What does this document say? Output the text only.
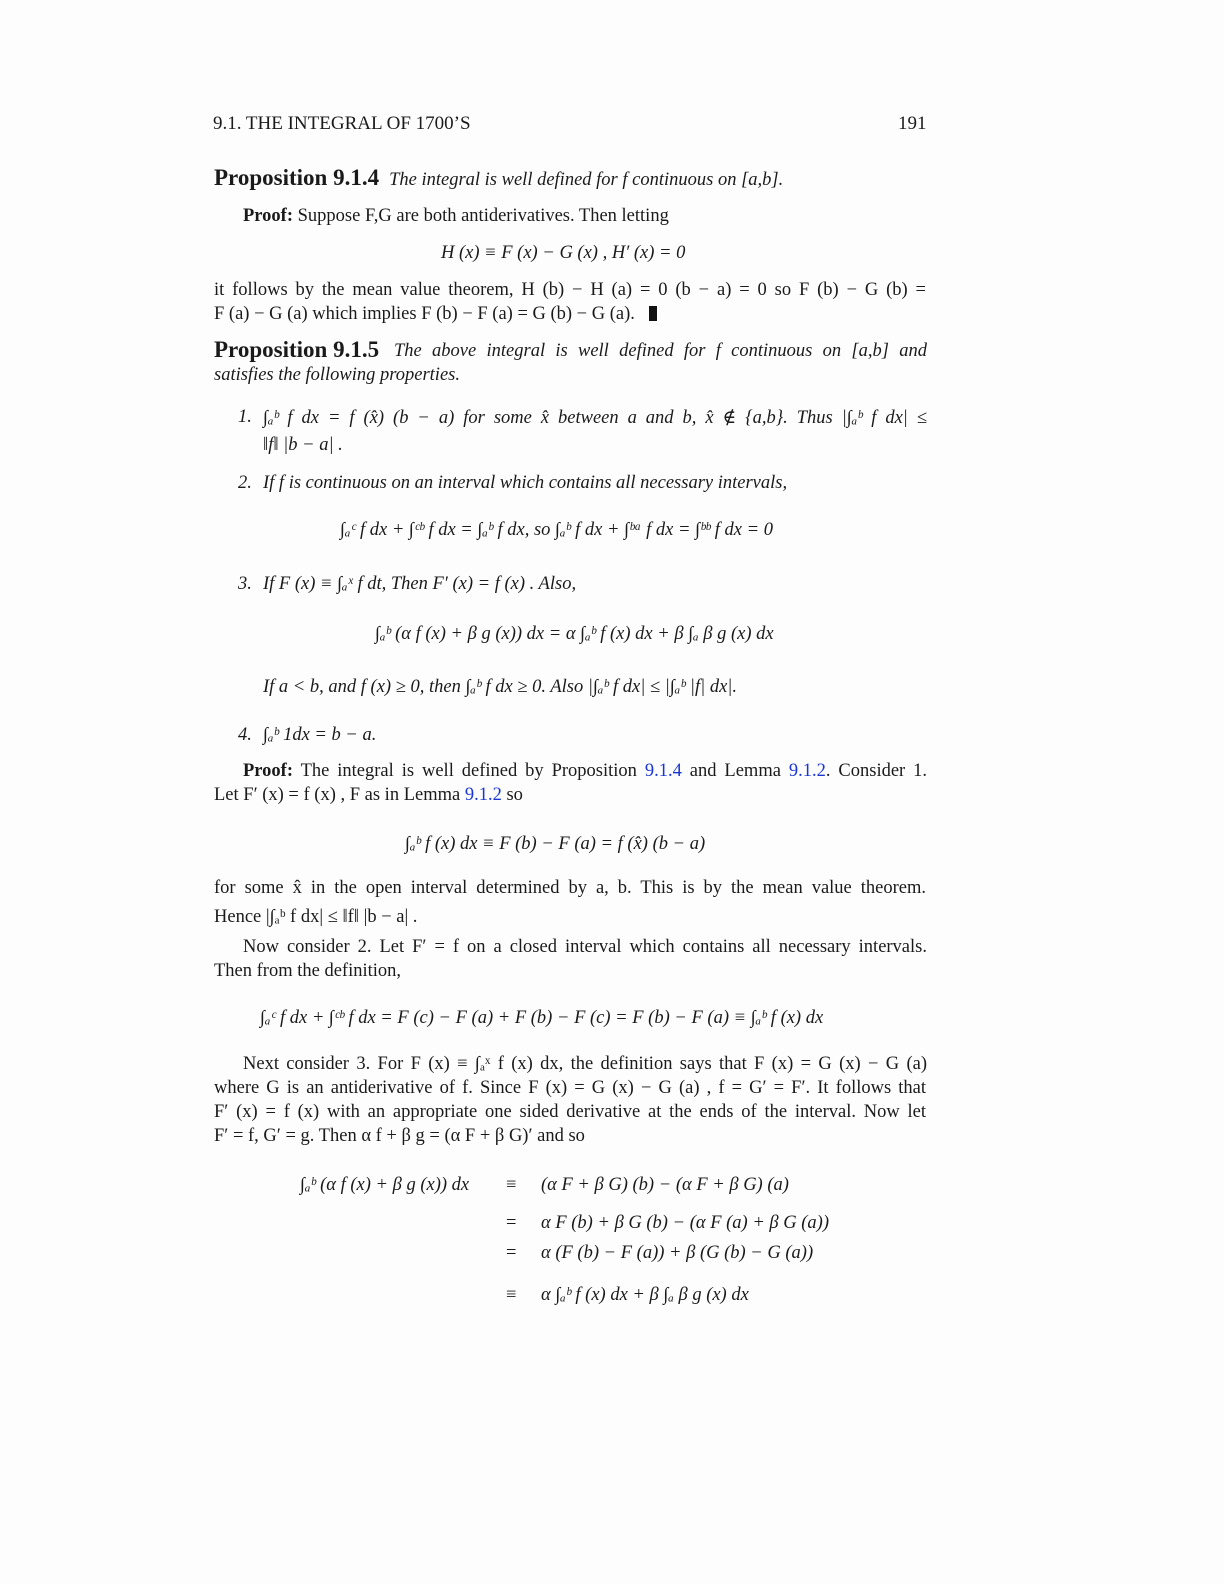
9.1. THE INTEGRAL OF 1700’S	191
Proposition 9.1.4 The integral is well defined for f continuous on [a,b].
Proof: Suppose F,G are both antiderivatives. Then letting
H (x) ≡ F (x) − G (x) , H′ (x) = 0
it follows by the mean value theorem, H (b) − H (a) = 0 (b − a) = 0 so F (b) − G (b) =
F (a) − G (a) which implies F (b) − F (a) = G (b) − G (a).
Proposition 9.1.5 The above integral is well defined for f continuous on [a,b] and
satisfies the following properties.
1. ∫ₐᵇ f dx = f (x̂) (b − a) for some x̂ between a and b, x̂ ∉ {a,b}. Thus |∫ₐᵇ f dx| ≤
‖f‖ |b − a| .
2. If f is continuous on an interval which contains all necessary intervals,
∫ₐᶜ f dx + ∫ᶜᵇ f dx = ∫ₐᵇ f dx, so ∫ₐᵇ f dx + ∫ᵇᵃ f dx = ∫ᵇᵇ f dx = 0
3. If F (x) ≡ ∫ₐˣ f dt, Then F′ (x) = f (x) . Also,
∫ₐᵇ (α f (x) + β g (x)) dx = α ∫ₐᵇ f (x) dx + β ∫ₐ β g (x) dx
If a < b, and f (x) ≥ 0, then ∫ₐᵇ f dx ≥ 0. Also |∫ₐᵇ f dx| ≤ |∫ₐᵇ |f| dx|.
4. ∫ₐᵇ 1dx = b − a.
Proof: The integral is well defined by Proposition 9.1.4 and Lemma 9.1.2. Consider 1.
Let F′ (x) = f (x) , F as in Lemma 9.1.2 so
∫ₐᵇ f (x) dx ≡ F (b) − F (a) = f (x̂) (b − a)
for some x̂ in the open interval determined by a, b. This is by the mean value theorem.
Hence |∫ₐᵇ f dx| ≤ ‖f‖ |b − a| .
Now consider 2. Let F′ = f on a closed interval which contains all necessary intervals.
Then from the definition,
∫ₐᶜ f dx + ∫ᶜᵇ f dx = F (c) − F (a) + F (b) − F (c) = F (b) − F (a) ≡ ∫ₐᵇ f (x) dx
Next consider 3. For F (x) ≡ ∫ₐˣ f (x) dx, the definition says that F (x) = G (x) − G (a)
where G is an antiderivative of f. Since F (x) = G (x) − G (a) , f = G′ = F′. It follows that
F′ (x) = f (x) with an appropriate one sided derivative at the ends of the interval. Now let
F′ = f, G′ = g. Then α f + β g = (α F + β G)′ and so
∫ₐᵇ (α f (x) + β g (x)) dx ≡ (α F + β G) (b) − (α F + β G) (a)
= α F (b) + β G (b) − (α F (a) + β G (a))
= α (F (b) − F (a)) + β (G (b) − G (a))
≡ α ∫ₐᵇ f (x) dx + β ∫ₐ β g (x) dx
